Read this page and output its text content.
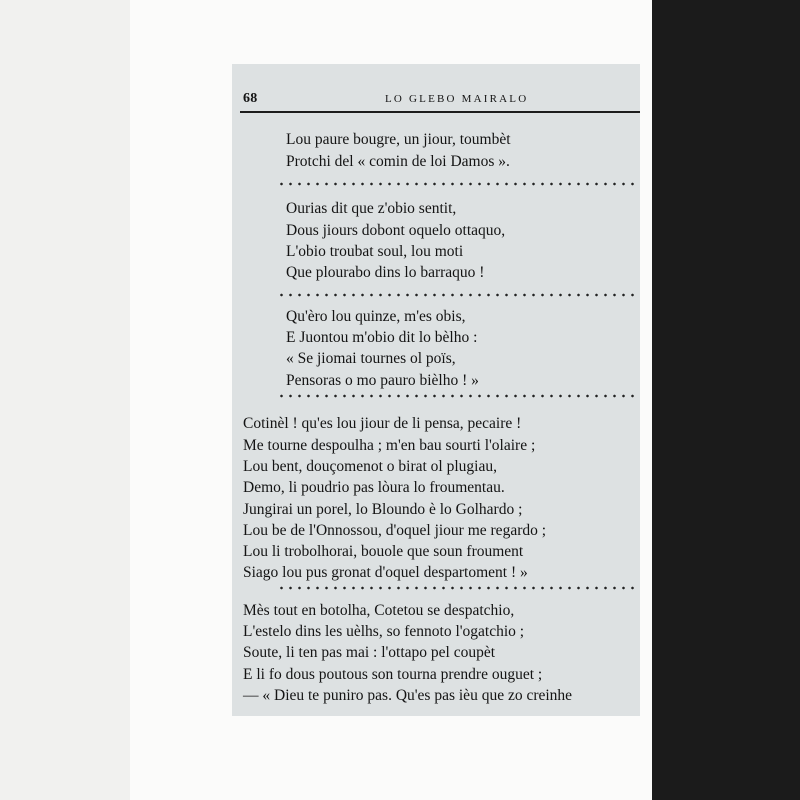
68	LO GLEBO MAIRALO
Lou paure bougre, un jiour, toumbèt
Protchi del « comin de loi Damos ».
Ourias dit que z'obio sentit,
Dous jiours dobont oquelo ottaquo,
L'obio troubat soul, lou moti
Que plourabo dins lo barraquo !
Qu'èro lou quinze, m'es obis,
E Juontou m'obio dit lo bèlho :
« Se jiomai tournes ol poïs,
Pensoras o mo pauro bièlho ! »
Cotinèl ! qu'es lou jiour de li pensa, pecaire !
Me tourne despoulha ; m'en bau sourti l'olaire ;
Lou bent, douçomenot o birat ol plugiau,
Demo, li poudrio pas lòura lo froumentau.
Jungirai un porel, lo Bloundo è lo Golhardo ;
Lou be de l'Onnossou, d'oquel jiour me regardo ;
Lou li trobolhorai, bouole que soun froument
Siago lou pus gronat d'oquel despartoment ! »
Mès tout en botolha, Cotetou se despatchio,
L'estelo dins les uèlhs, so fennoto l'ogatchio ;
Soute, li ten pas mai : l'ottapo pel coupèt
E li fo dous poutous son tourna prendre ouguet ;
— « Dieu te puniro pas. Qu'es pas ièu que zo creinhe
